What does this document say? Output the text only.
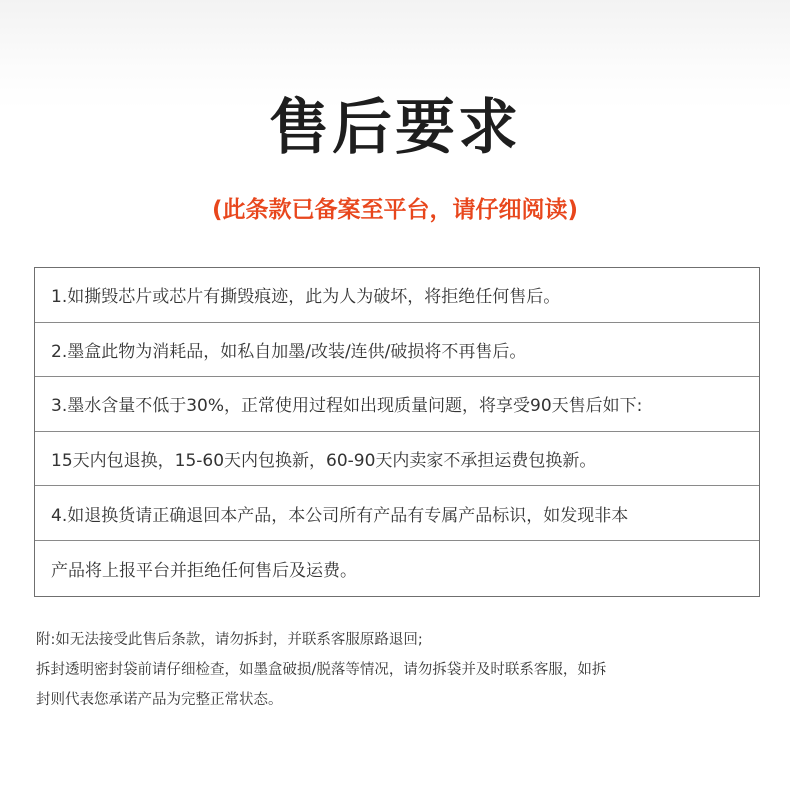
售后要求
(此条款已备案至平台，请仔细阅读)
1.如撕毁芯片或芯片有撕毁痕迹，此为人为破坏，将拒绝任何售后。
2.墨盒此物为消耗品，如私自加墨/改装/连供/破损将不再售后。
3.墨水含量不低于30%，正常使用过程如出现质量问题，将享受90天售后如下:
15天内包退换，15-60天内包换新，60-90天内卖家不承担运费包换新。
4.如退换货请正确退回本产品，本公司所有产品有专属产品标识，如发现非本
产品将上报平台并拒绝任何售后及运费。
附:如无法接受此售后条款，请勿拆封，并联系客服原路退回;
拆封透明密封袋前请仔细检查，如墨盒破损/脱落等情况，请勿拆袋并及时联系客服，如拆
封则代表您承诺产品为完整正常状态。
